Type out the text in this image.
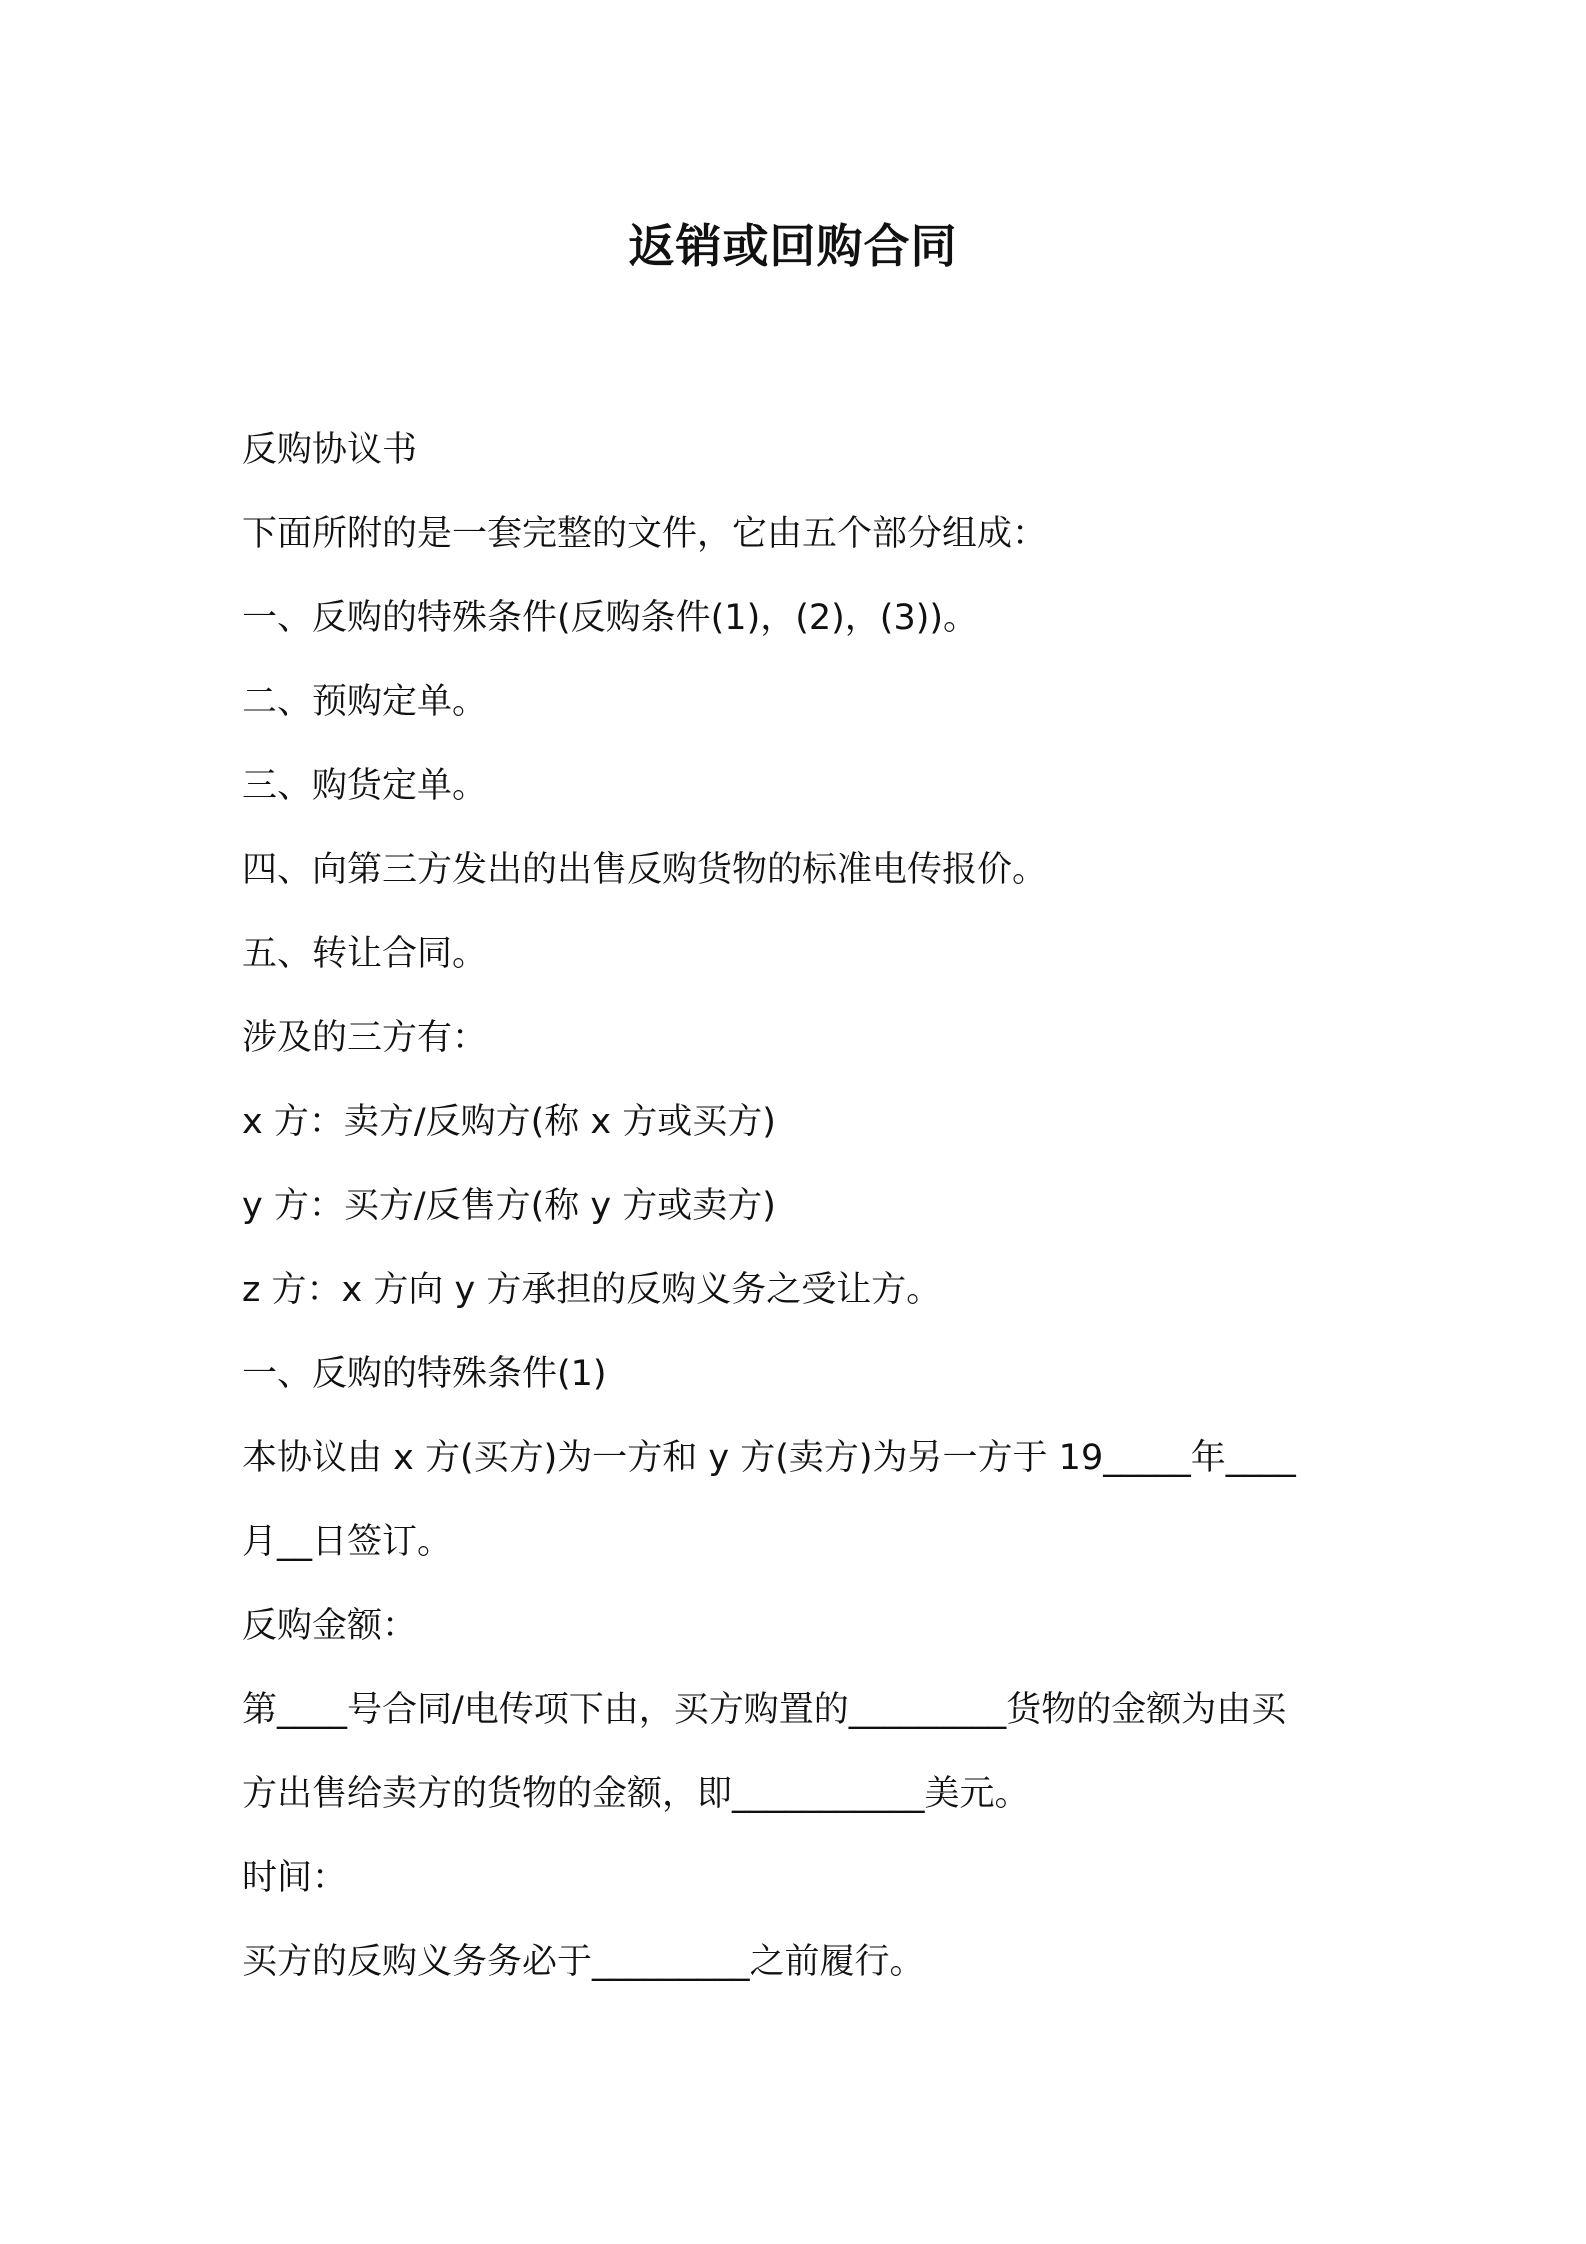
返销或回购合同

反购协议书

下面所附的是一套完整的文件，它由五个部分组成：

一、反购的特殊条件(反购条件(1)，(2)，(3))。

二、预购定单。

三、购货定单。

四、向第三方发出的出售反购货物的标准电传报价。

五、转让合同。

涉及的三方有：

x 方：卖方/反购方(称 x 方或买方)

y 方：买方/反售方(称 y 方或卖方)

z 方：x 方向 y 方承担的反购义务之受让方。

一、反购的特殊条件(1)

本协议由 x 方(买方)为一方和 y 方(卖方)为另一方于 19_____年____

月__日签订。

反购金额：

第____号合同/电传项下由，买方购置的_________货物的金额为由买

方出售给卖方的货物的金额，即___________美元。

时间：

买方的反购义务务必于_________之前履行。
